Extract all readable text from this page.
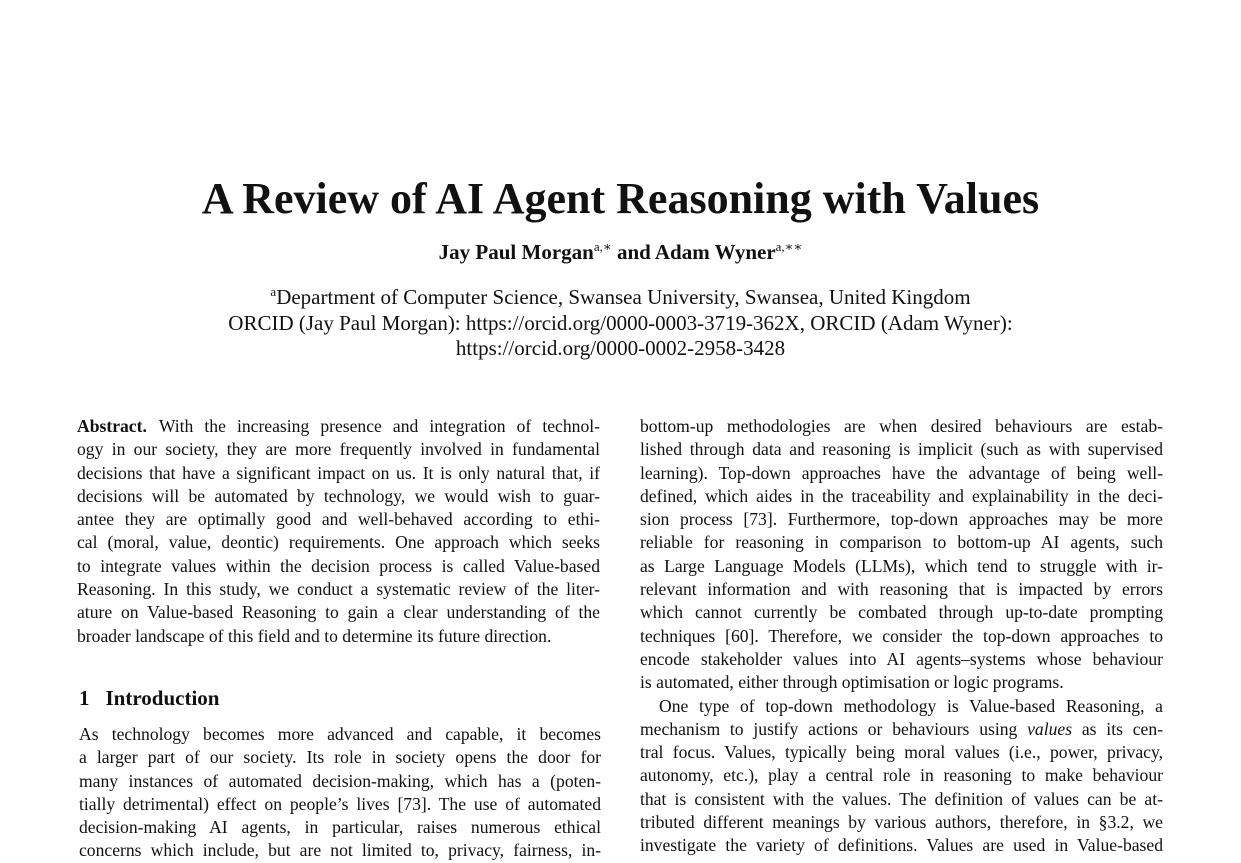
A Review of AI Agent Reasoning with Values
Jay Paul Morgan$^{a,∗}$ and Adam Wyner$^{a,∗∗}$
$^a$Department of Computer Science, Swansea University, Swansea, United Kingdom
ORCID (Jay Paul Morgan): https://orcid.org/0000-0003-3719-362X, ORCID (Adam Wyner):
https://orcid.org/0000-0002-2958-3428
Abstract. With the increasing presence and integration of technol-
ogy in our society, they are more frequently involved in fundamental
decisions that have a significant impact on us. It is only natural that, if
decisions will be automated by technology, we would wish to guar-
antee they are optimally good and well-behaved according to ethi-
cal (moral, value, deontic) requirements. One approach which seeks
to integrate values within the decision process is called Value-based
Reasoning. In this study, we conduct a systematic review of the liter-
ature on Value-based Reasoning to gain a clear understanding of the
broader landscape of this field and to determine its future direction.
1 Introduction
As technology becomes more advanced and capable, it becomes
a larger part of our society. Its role in society opens the door for
many instances of automated decision-making, which has a (poten-
tially detrimental) effect on people’s lives [73]. The use of automated
decision-making AI agents, in particular, raises numerous ethical
concerns which include, but are not limited to, privacy, fairness, in-
bottom-up methodologies are when desired behaviours are estab-
lished through data and reasoning is implicit (such as with supervised
learning). Top-down approaches have the advantage of being well-
defined, which aides in the traceability and explainability in the deci-
sion process [73]. Furthermore, top-down approaches may be more
reliable for reasoning in comparison to bottom-up AI agents, such
as Large Language Models (LLMs), which tend to struggle with ir-
relevant information and with reasoning that is impacted by errors
which cannot currently be combated through up-to-date prompting
techniques [60]. Therefore, we consider the top-down approaches to
encode stakeholder values into AI agents–systems whose behaviour
is automated, either through optimisation or logic programs.
One type of top-down methodology is Value-based Reasoning, a
mechanism to justify actions or behaviours using values as its cen-
tral focus. Values, typically being moral values (i.e., power, privacy,
autonomy, etc.), play a central role in reasoning to make behaviour
that is consistent with the values. The definition of values can be at-
tributed different meanings by various authors, therefore, in §3.2, we
investigate the variety of definitions. Values are used in Value-based
